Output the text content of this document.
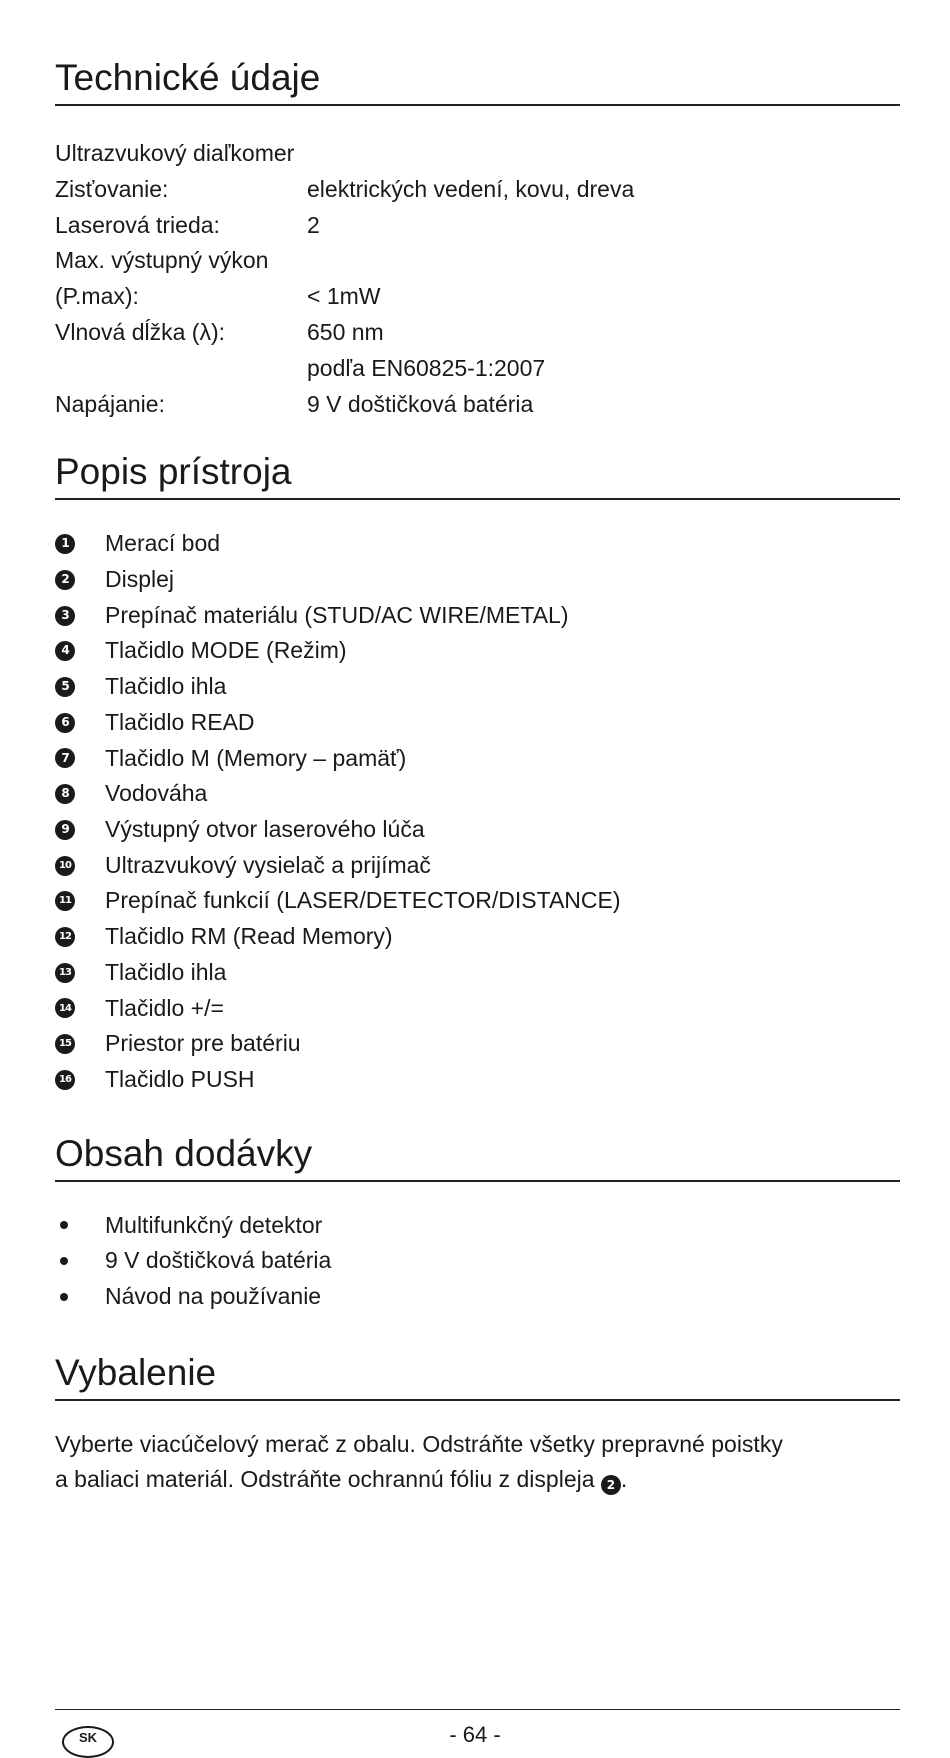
Technické údaje
Ultrazvukový diaľkomer
Zisťovanie:	elektrických vedení, kovu, dreva
Laserová trieda:	2
Max. výstupný výkon
(P.max):	< 1mW
Vlnová dĺžka (λ):	650 nm
podľa EN60825-1:2007
Napájanie:	9 V doštičková batéria
Popis prístroja
1 Merací bod
2 Displej
3 Prepínač materiálu (STUD/AC WIRE/METAL)
4 Tlačidlo MODE (Režim)
5 Tlačidlo ihla
6 Tlačidlo READ
7 Tlačidlo M (Memory – pamäť)
8 Vodováha
9 Výstupný otvor laserového lúča
10 Ultrazvukový vysielač a prijímač
11 Prepínač funkcií (LASER/DETECTOR/DISTANCE)
12 Tlačidlo RM (Read Memory)
13 Tlačidlo ihla
14 Tlačidlo +/=
15 Priestor pre batériu
16 Tlačidlo PUSH
Obsah dodávky
Multifunkčný detektor
9 V doštičková batéria
Návod na používanie
Vybalenie
Vyberte viacúčelový merač z obalu. Odstráňte všetky prepravné poistky
a baliaci materiál. Odstráňte ochrannú fóliu z displeja 2 .
SK	- 64 -
